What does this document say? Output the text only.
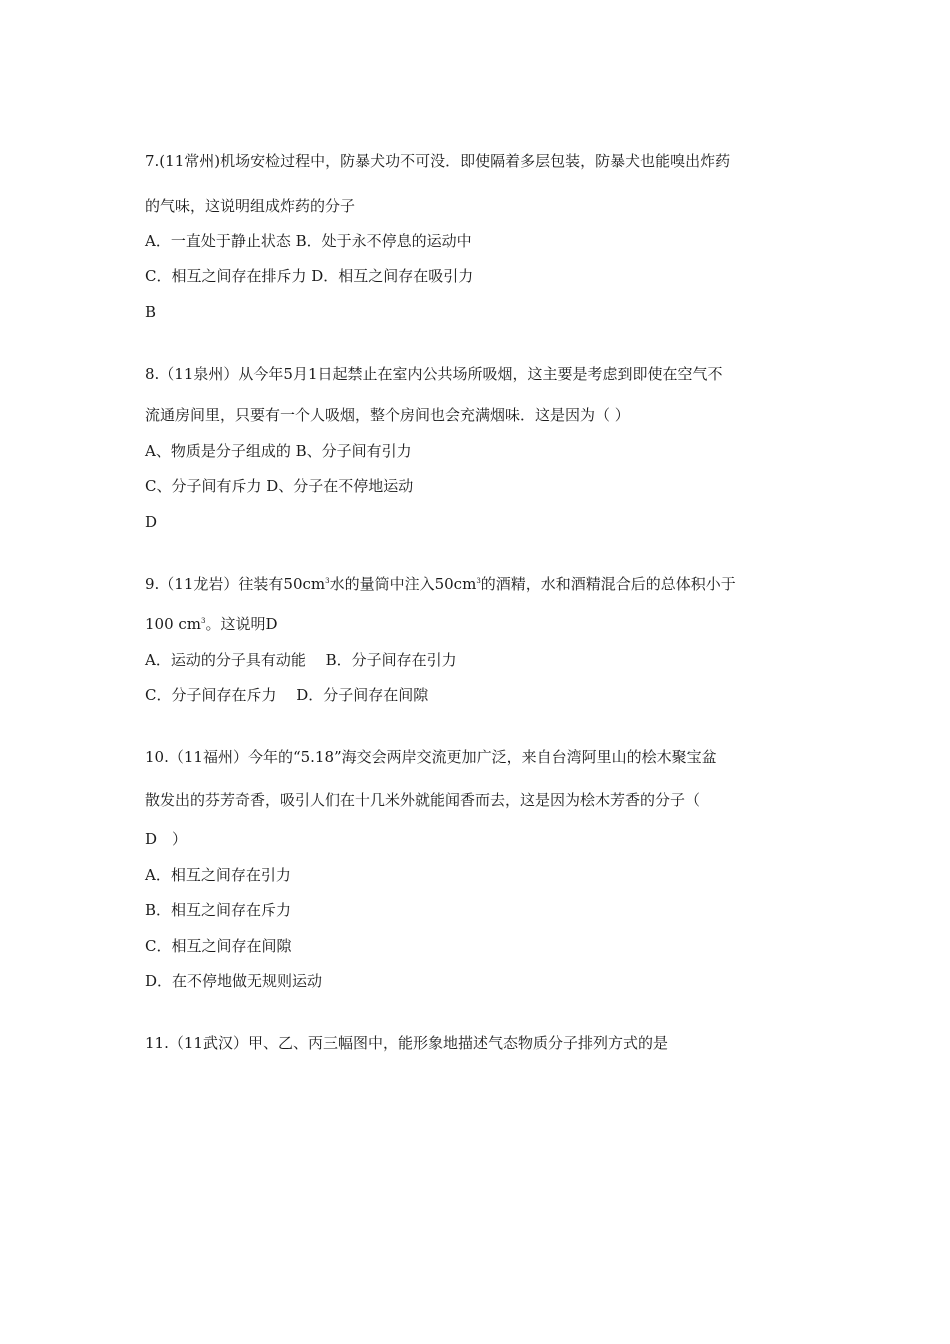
7.(11常州)机场安检过程中，防暴犬功不可没．即使隔着多层包装，防暴犬也能嗅出炸药
的气味，这说明组成炸药的分子
A．一直处于静止状态 B．处于永不停息的运动中
C．相互之间存在排斥力 D．相互之间存在吸引力
B
8.（11泉州）从今年5月1日起禁止在室内公共场所吸烟，这主要是考虑到即使在空气不
流通房间里，只要有一个人吸烟，整个房间也会充满烟味．这是因为（ ）
A、物质是分子组成的 B、分子间有引力
C、分子间有斥力 D、分子在不停地运动
D
9.（11龙岩）往装有$50cm^3$水的量筒中注入$50cm^3$的酒精，水和酒精混合后的总体积小于
100 $cm^3$。这说明D
A．运动的分子具有动能　 B．分子间存在引力
C．分子间存在斥力　 D．分子间存在间隙
10.（11福州）今年的“5.18”海交会两岸交流更加广泛，来自台湾阿里山的桧木聚宝盆
散发出的芬芳奇香，吸引人们在十几米外就能闻香而去，这是因为桧木芳香的分子（
D　）
A．相互之间存在引力
B．相互之间存在斥力
C．相互之间存在间隙
D．在不停地做无规则运动
11.（11武汉）甲、乙、丙三幅图中，能形象地描述气态物质分子排列方式的是
